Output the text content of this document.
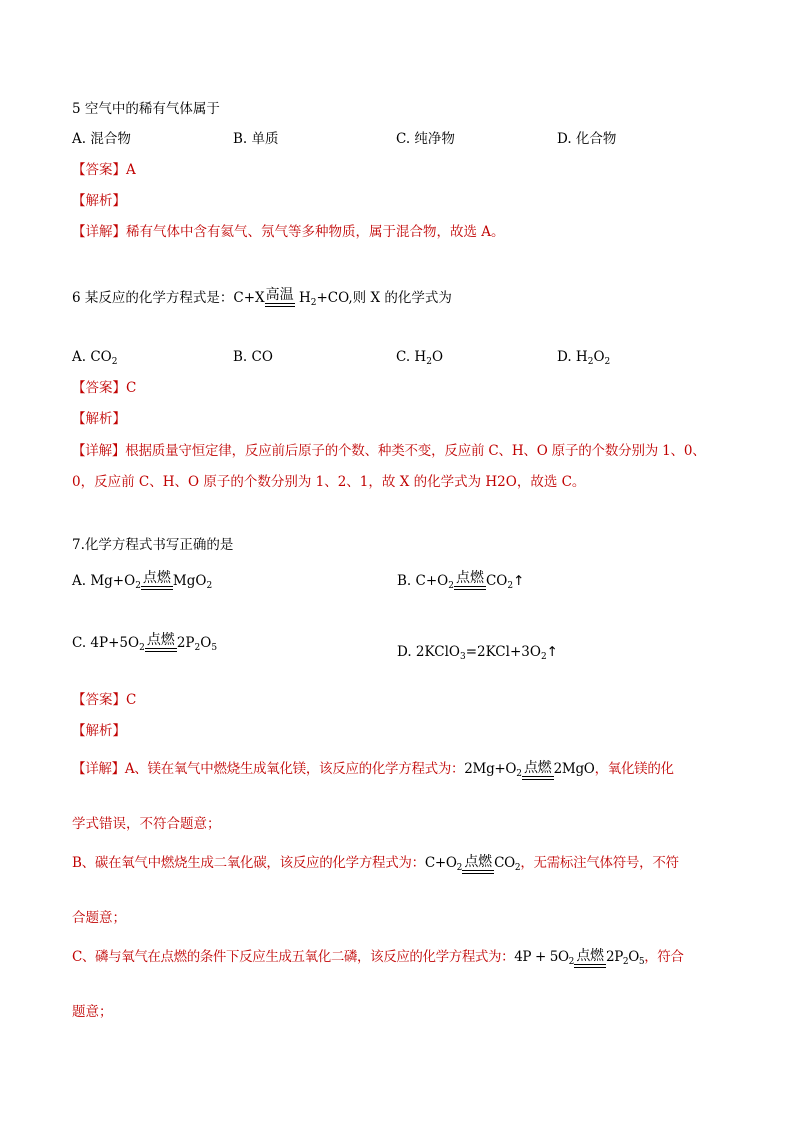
5 空气中的稀有气体属于
A. 混合物	B. 单质	C. 纯净物	D. 化合物
【答案】A
【解析】
【详解】稀有气体中含有氦气、氖气等多种物质，属于混合物，故选 A。
6 某反应的化学方程式是：C+X 高温 $H_2+CO$,则 X 的化学式为
A. $CO_2$	B. CO	C. $H_2O$	D. $H_2O_2$
【答案】C
【解析】
【详解】根据质量守恒定律，反应前后原子的个数、种类不变，反应前 C、H、O 原子的个数分别为 1、0、
0，反应前 C、H、O 原子的个数分别为 1、2、1，故 X 的化学式为 H2O，故选 C。
7.化学方程式书写正确的是
A. $Mg+O_2$ 点燃 MgO$_2$	B. $C+O_2$ 点燃 $CO_2↑$
C. $4P+5O_2$ 点燃 $2P_2O_5$	D. $2KClO_3=2KCl+3O_2↑$
【答案】C
【解析】
【详解】A、镁在氧气中燃烧生成氧化镁，该反应的化学方程式为：$2Mg+O_2$ 点燃 2MgO，氧化镁的化
学式错误，不符合题意；
B、碳在氧气中燃烧生成二氧化碳，该反应的化学方程式为：$C+O_2$ 点燃 $CO_2$，无需标注气体符号，不符
合题意；
C、磷与氧气在点燃的条件下反应生成五氧化二磷，该反应的化学方程式为：$4P + 5O_2$ 点燃 $2P_2O_5$，符合
题意；
